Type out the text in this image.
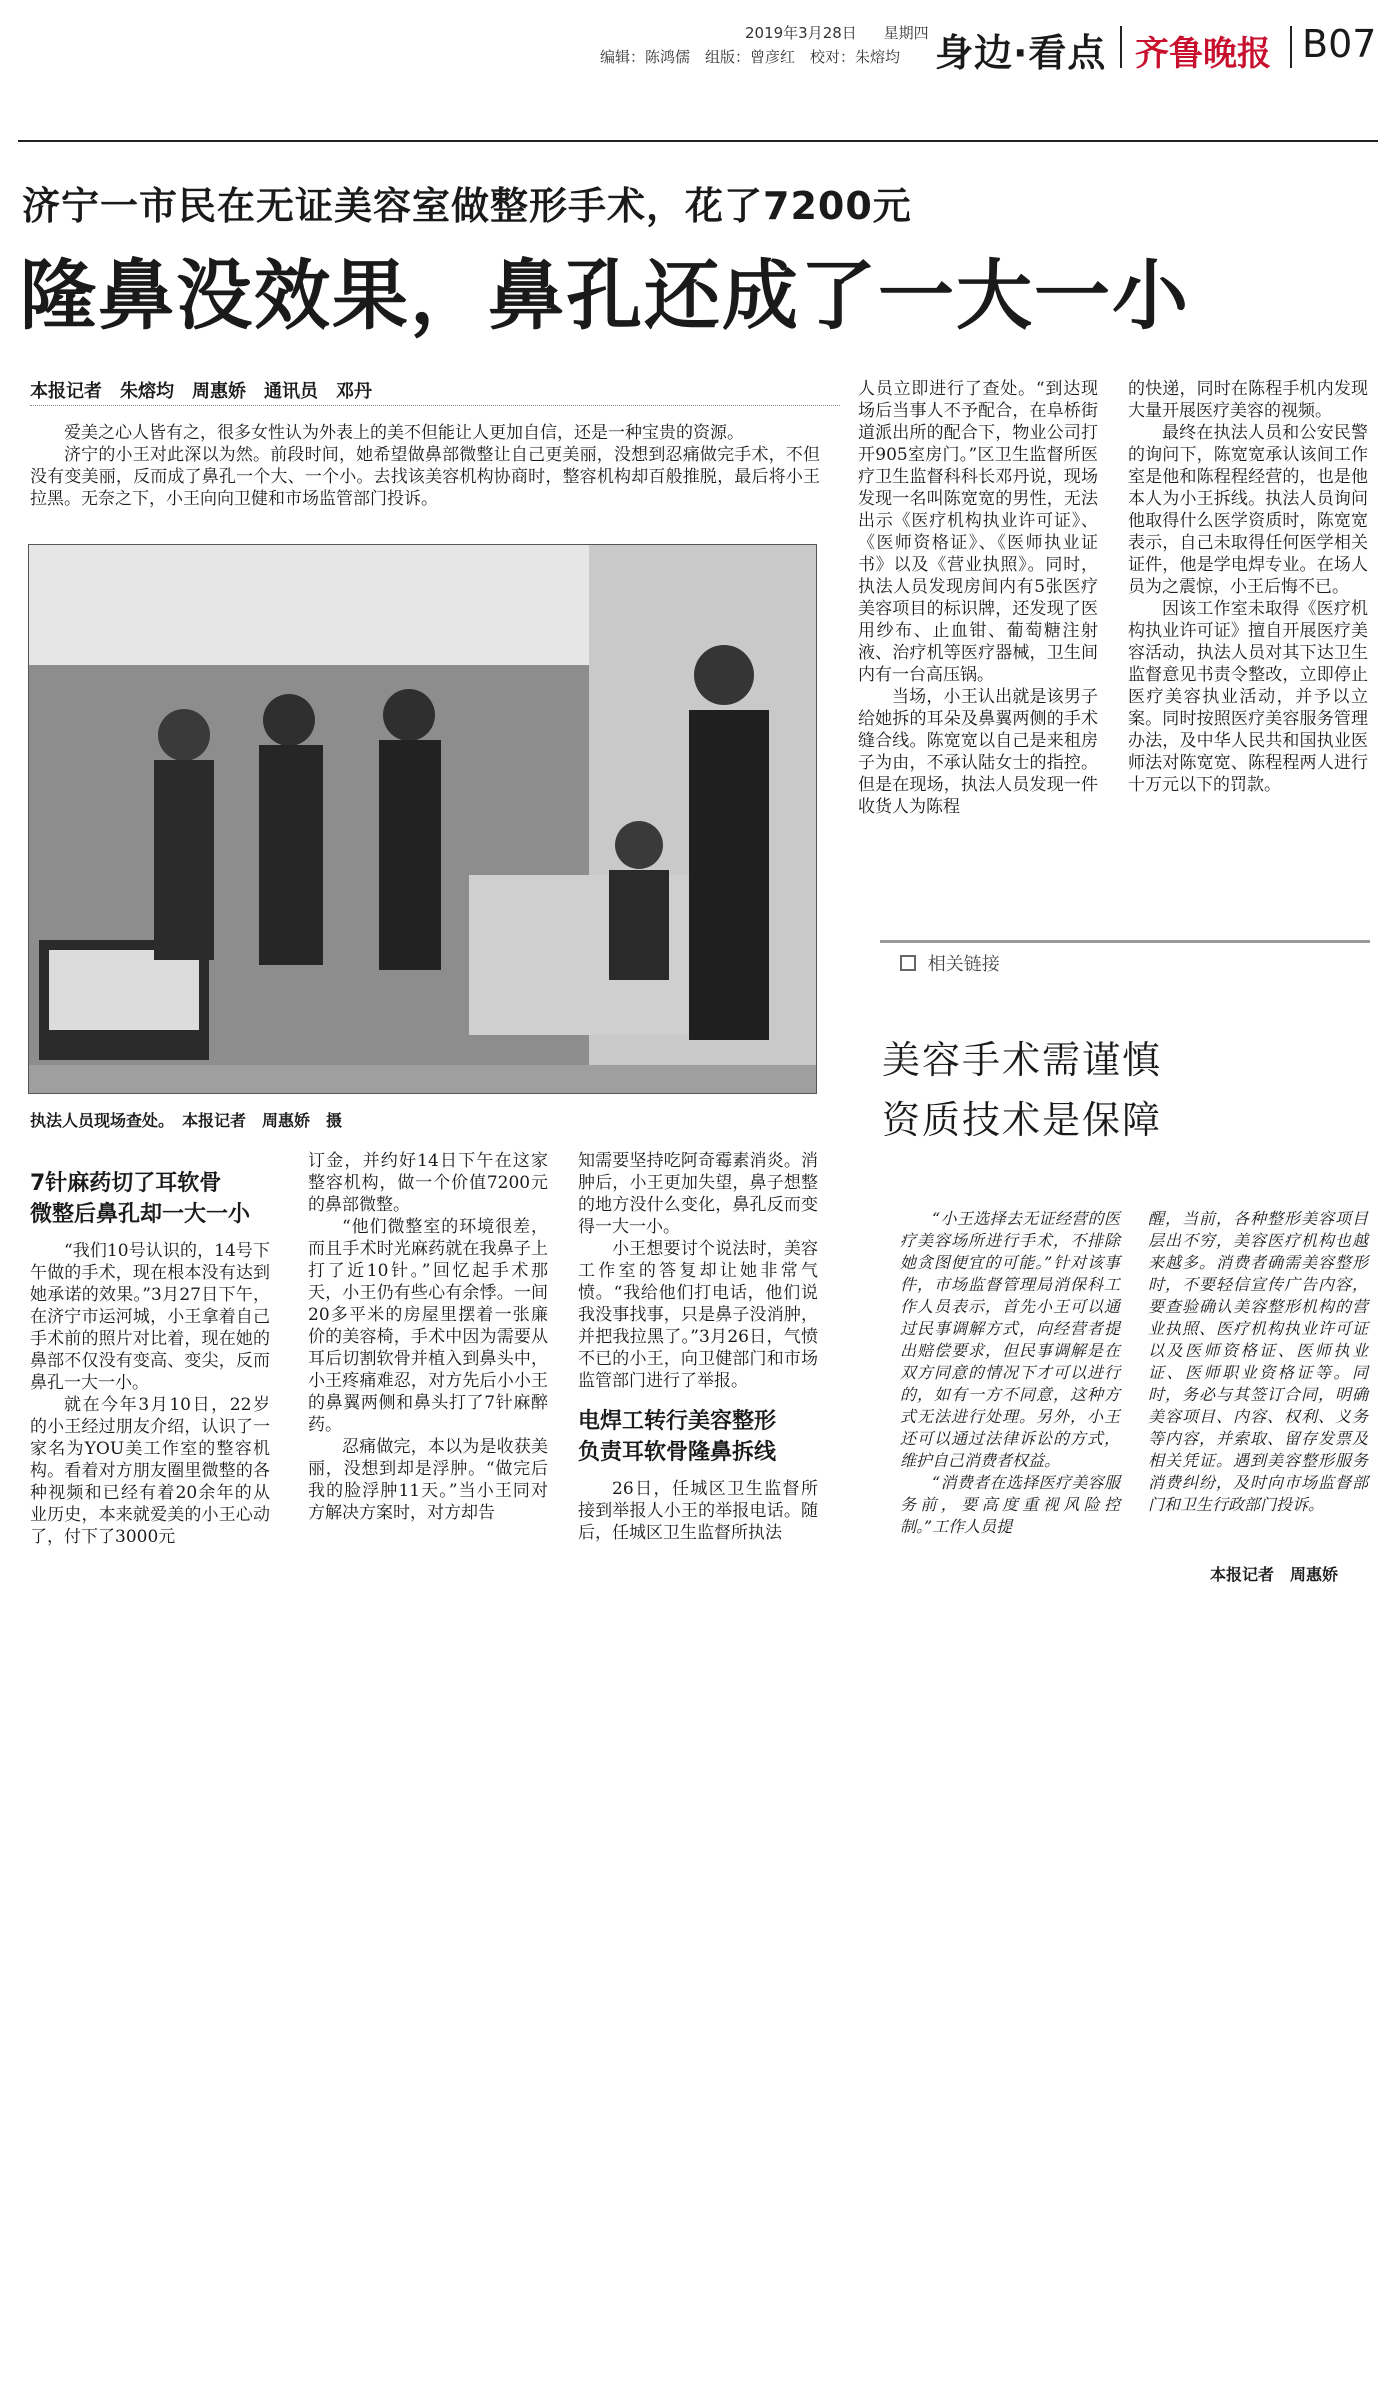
2019年3月28日 星期四
编辑：陈鸿儒　组版：曾彦红　校对：朱熔均 身边·看点 齐鲁晚报 B07
济宁一市民在无证美容室做整形手术，花了7200元
隆鼻没效果，鼻孔还成了一大一小
本报记者　朱熔均　周惠娇　通讯员　邓丹

爱美之心人皆有之，很多女性认为外表上的美不但能让人更加自信，还是一种宝贵的资源。

济宁的小王对此深以为然。前段时间，她希望做鼻部微整让自己更美丽，没想到忍痛做完手术，不但没有变美丽，反而成了鼻孔一个大、一个小。去找该美容机构协商时，整容机构却百般推脱，最后将小王拉黑。无奈之下，小王向向卫健和市场监管部门投诉。

执法人员现场查处。　本报记者　周惠娇　摄
7针麻药切了耳软骨
微整后鼻孔却一大一小

“我们10号认识的，14号下午做的手术，现在根本没有达到她承诺的效果。”3月27日下午，在济宁市运河城，小王拿着自己手术前的照片对比着，现在她的鼻部不仅没有变高、变尖，反而鼻孔一大一小。

就在今年3月10日，22岁的小王经过朋友介绍，认识了一家名为YOU美工作室的整容机构。看着对方朋友圈里微整的各种视频和已经有着20余年的从业历史，本来就爱美的小王心动了，付下了3000元

订金，并约好14日下午在这家整容机构，做一个价值7200元的鼻部微整。

“他们微整室的环境很差，而且手术时光麻药就在我鼻子上打了近10针。”回忆起手术那天，小王仍有些心有余悸。一间20多平米的房屋里摆着一张廉价的美容椅，手术中因为需要从耳后切割软骨并植入到鼻头中，小王疼痛难忍，对方先后小小王的鼻翼两侧和鼻头打了7针麻醉药。

忍痛做完，本以为是收获美丽，没想到却是浮肿。“做完后我的脸浮肿11天。”当小王同对方解决方案时，对方却告

知需要坚持吃阿奇霉素消炎。消肿后，小王更加失望，鼻子想整的地方没什么变化，鼻孔反而变得一大一小。

小王想要讨个说法时，美容工作室的答复却让她非常气愤。“我给他们打电话，他们说我没事找事，只是鼻子没消肿，并把我拉黑了。”3月26日，气愤不已的小王，向卫健部门和市场监管部门进行了举报。

电焊工转行美容整形
负责耳软骨隆鼻拆线

26日，任城区卫生监督所接到举报人小王的举报电话。随后，任城区卫生监督所执法

人员立即进行了查处。“到达现场后当事人不予配合，在阜桥街道派出所的配合下，物业公司打开905室房门。”区卫生监督所医疗卫生监督科科长邓丹说，现场发现一名叫陈宽宽的男性，无法出示《医疗机构执业许可证》、《医师资格证》、《医师执业证书》以及《营业执照》。同时，执法人员发现房间内有5张医疗美容项目的标识牌，还发现了医用纱布、止血钳、葡萄糖注射液、治疗机等医疗器械，卫生间内有一台高压锅。

当场，小王认出就是该男子给她拆的耳朵及鼻翼两侧的手术缝合线。陈宽宽以自己是来租房子为由，不承认陆女士的指控。但是在现场，执法人员发现一件收货人为陈程

的快递，同时在陈程手机内发现大量开展医疗美容的视频。

最终在执法人员和公安民警的询问下，陈宽宽承认该间工作室是他和陈程程经营的，也是他本人为小王拆线。执法人员询问他取得什么医学资质时，陈宽宽表示，自己未取得任何医学相关证件，他是学电焊专业。在场人员为之震惊，小王后悔不已。

因该工作室未取得《医疗机构执业许可证》擅自开展医疗美容活动，执法人员对其下达卫生监督意见书责令整改，立即停止医疗美容执业活动，并予以立案。同时按照医疗美容服务管理办法，及中华人民共和国执业医师法对陈宽宽、陈程程两人进行十万元以下的罚款。

相关链接
美容手术需谨慎
资质技术是保障

“小王选择去无证经营的医疗美容场所进行手术，不排除她贪图便宜的可能。”针对该事件，市场监督管理局消保科工作人员表示，首先小王可以通过民事调解方式，向经营者提出赔偿要求，但民事调解是在双方同意的情况下才可以进行的，如有一方不同意，这种方式无法进行处理。另外，小王还可以通过法律诉讼的方式，维护自己消费者权益。

“消费者在选择医疗美容服务前，要高度重视风险控制。”工作人员提

醒，当前，各种整形美容项目层出不穷，美容医疗机构也越来越多。消费者确需美容整形时，不要轻信宣传广告内容，要查验确认美容整形机构的营业执照、医疗机构执业许可证以及医师资格证、医师执业证、医师职业资格证等。同时，务必与其签订合同，明确美容项目、内容、权利、义务等内容，并索取、留存发票及相关凭证。遇到美容整形服务消费纠纷，及时向市场监督部门和卫生行政部门投诉。

本报记者　周惠娇
